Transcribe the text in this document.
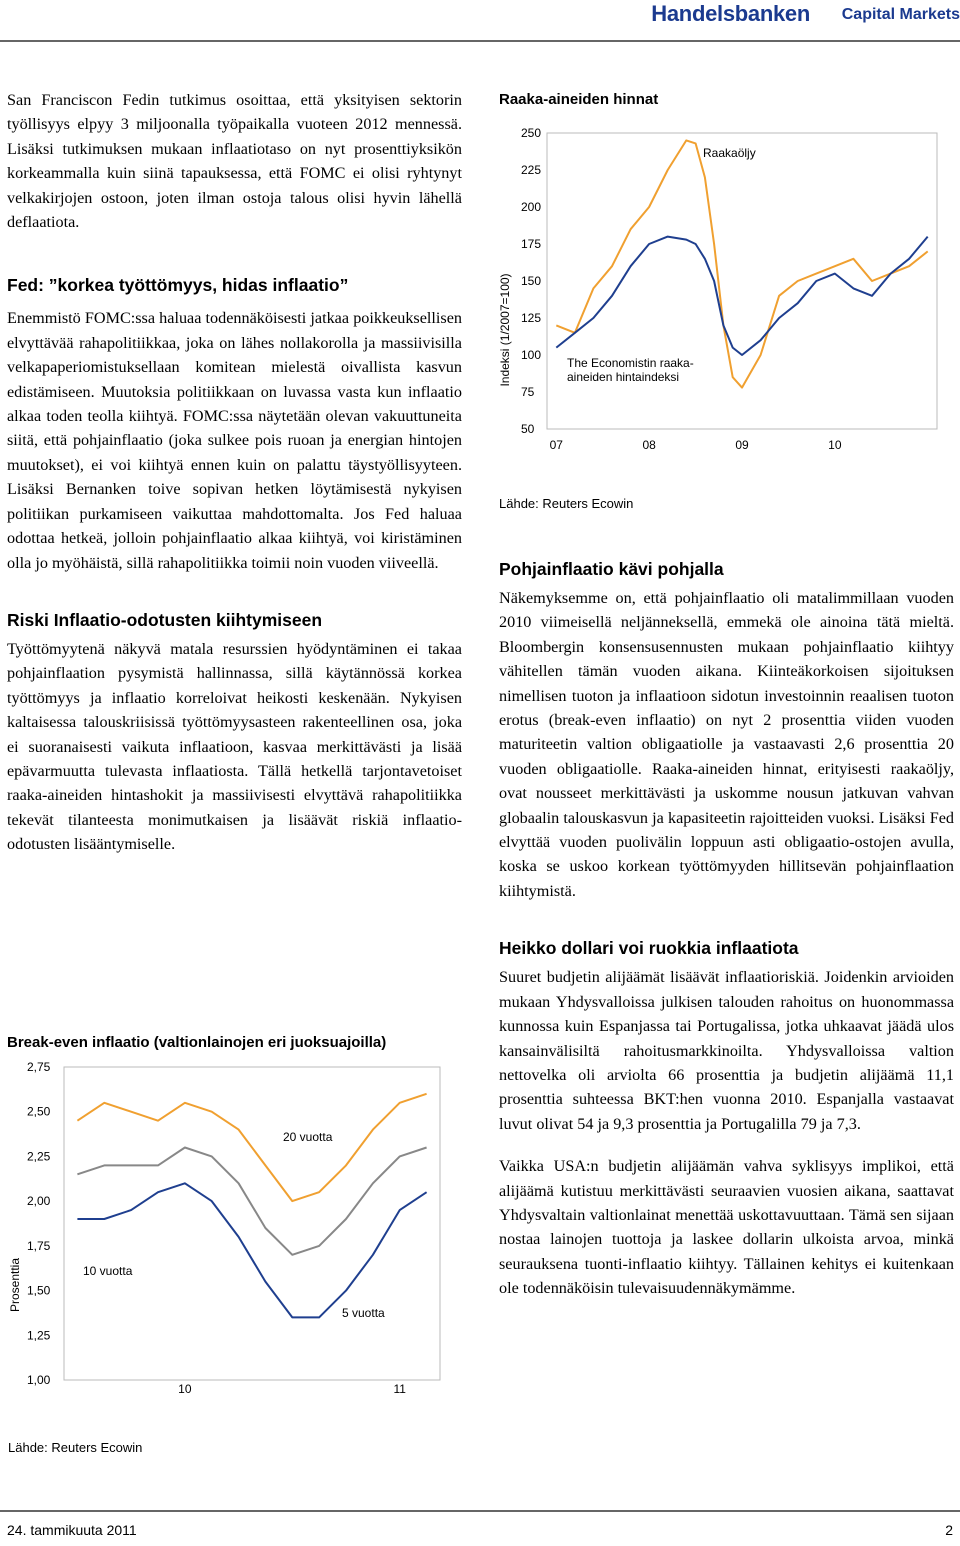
Handelsbanken Capital Markets

San Franciscon Fedin tutkimus osoittaa, että yksityisen sektorin työllisyys elpyy 3 miljoonalla työpaikalla vuoteen 2012 mennessä. Lisäksi tutkimuksen mukaan inflaatiotaso on nyt prosenttiyksikön korkeammalla kuin siinä tapauksessa, että FOMC ei olisi ryhtynyt velkakirjojen ostoon, joten ilman ostoja talous olisi hyvin lähellä deflaatiota.

Fed: ”korkea työttömyys, hidas inflaatio”

Enemmistö FOMC:ssa haluaa todennäköisesti jatkaa poikkeuksellisen elvyttävää rahapolitiikkaa, joka on lähes nollakorolla ja massiivisilla velkapaperiomistuksellaan komitean mielestä oivallista kasvun edistämiseen. Muutoksia politiikkaan on luvassa vasta kun inflaatio alkaa toden teolla kiihtyä. FOMC:ssa näytetään olevan vakuuttuneita siitä, että pohjainflaatio (joka sulkee pois ruoan ja energian hintojen muutokset), ei voi kiihtyä ennen kuin on palattu täystyöllisyyteen. Lisäksi Bernanken toive sopivan hetken löytämisestä nykyisen politiikan purkamiseen vaikuttaa mahdottomalta. Jos Fed haluaa odottaa hetkeä, jolloin pohjainflaatio alkaa kiihtyä, voi kiristäminen olla jo myöhäistä, sillä rahapolitiikka toimii noin vuoden viiveellä.

Riski Inflaatio-odotusten kiihtymiseen

Työttömyytenä näkyvä matala resurssien hyödyntäminen ei takaa pohjainflaation pysymistä hallinnassa, sillä käytännössä korkea työttömyys ja inflaatio korreloivat heikosti keskenään. Nykyisen kaltaisessa talouskriisissä työttömyysasteen rakenteellinen osa, joka ei suoranaisesti vaikuta inflaatioon, kasvaa merkittävästi ja lisää epävarmuutta tulevasta inflaatiosta. Tällä hetkellä tarjontavetoiset raaka-aineiden hintashokit ja massiivisesti elvyttävä rahapolitiikka tekevät tilanteesta monimutkaisen ja lisäävät riskiä inflaatio-odotusten lisääntymiselle.

Break-even inflaatio (valtionlainojen eri juoksuajoilla)
Prosenttia
2,75
2,50
2,25
2,00
1,75
1,50
1,25
1,00
10	11
20 vuotta
10 vuotta
5 vuotta
Lähde: Reuters Ecowin
Raaka-aineiden hinnat
Indeksi (1/2007=100)
250
225
200
175
150
125
100
75
50
07	08	09	10
Raakaöljy
The Economistin raaka-
aineiden hintaindeksi
Lähde: Reuters Ecowin
Pohjainflaatio kävi pohjalla

Näkemyksemme on, että pohjainflaatio oli matalimmillaan vuoden 2010 viimeisellä neljänneksellä, emmekä ole ainoina tätä mieltä. Bloombergin konsensusennusten mukaan pohjainflaatio kiihtyy vähitellen tämän vuoden aikana. Kiinteäkorkoisen sijoituksen nimellisen tuoton ja inflaatioon sidotun investoinnin reaalisen tuoton erotus (break-even inflaatio) on nyt 2 prosenttia viiden vuoden maturiteetin valtion obligaatiolle ja vastaavasti 2,6 prosenttia 20 vuoden obligaatiolle. Raaka-aineiden hinnat, erityisesti raakaöljy, ovat nousseet merkittävästi ja uskomme nousun jatkuvan vahvan globaalin talouskasvun ja kapasiteetin rajoitteiden vuoksi. Lisäksi Fed elvyttää vuoden puolivälin loppuun asti obligaatio-ostojen avulla, koska se uskoo korkean työttömyyden hillitsevän pohjainflaation kiihtymistä.

Heikko dollari voi ruokkia inflaatiota

Suuret budjetin alijäämät lisäävät inflaatioriskiä. Joidenkin arvioiden mukaan Yhdysvalloissa julkisen talouden rahoitus on huonommassa kunnossa kuin Espanjassa tai Portugalissa, jotka uhkaavat jäädä ulos kansainvälisiltä rahoitusmarkkinoilta. Yhdysvalloissa valtion nettovelka oli arviolta 66 prosenttia ja budjetin alijäämä 11,1 prosenttia suhteessa BKT:hen vuonna 2010. Espanjalla vastaavat luvut olivat 54 ja 9,3 prosenttia ja Portugalilla 79 ja 7,3.

Vaikka USA:n budjetin alijäämän vahva syklisyys implikoi, että alijäämä kutistuu merkittävästi seuraavien vuosien aikana, saattavat Yhdysvaltain valtionlainat menettää uskottavuuttaan. Tämä sen sijaan nostaa lainojen tuottoja ja laskee dollarin ulkoista arvoa, minkä seurauksena tuonti-inflaatio kiihtyy. Tällainen kehitys ei kuitenkaan ole todennäköisin tulevaisuudennäkymämme.

24. tammikuuta 2011	2
